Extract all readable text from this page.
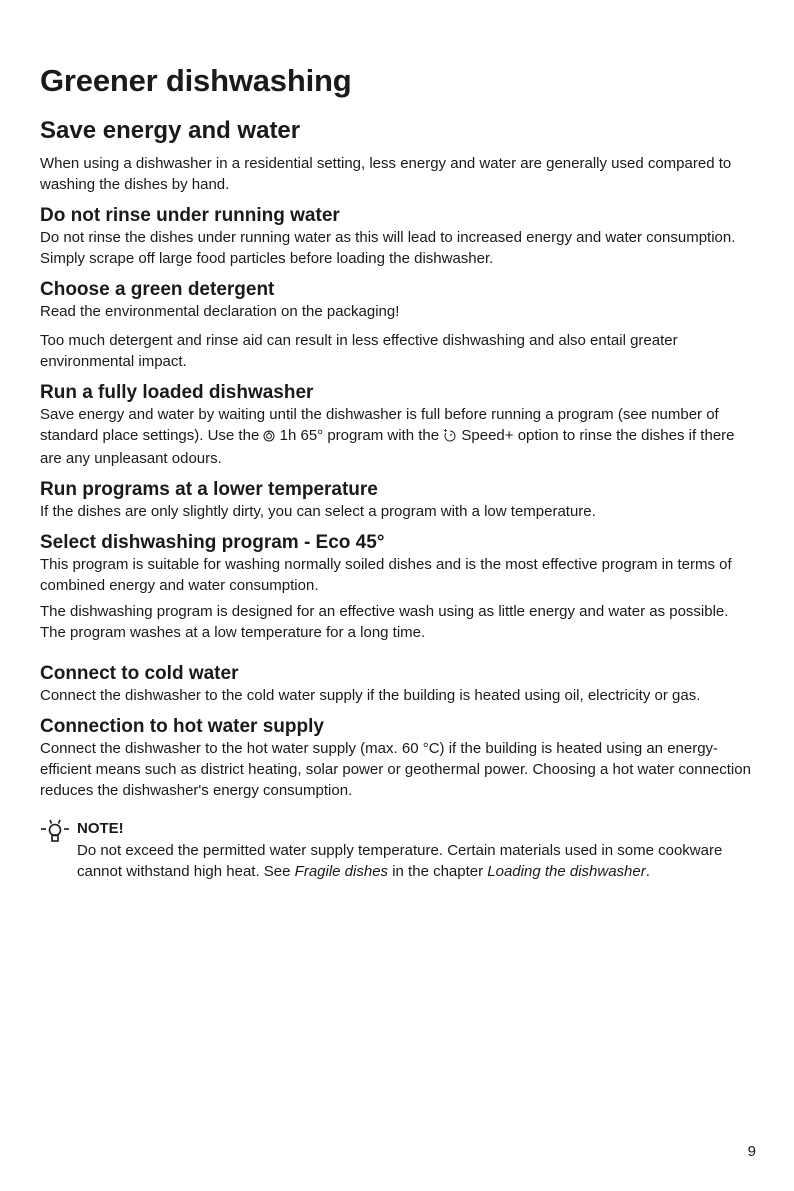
Greener dishwashing
Save energy and water

When using a dishwasher in a residential setting, less energy and water are generally used compared to washing the dishes by hand.

Do not rinse under running water

Do not rinse the dishes under running water as this will lead to increased energy and water consumption. Simply scrape off large food particles before loading the dishwasher.

Choose a green detergent

Read the environmental declaration on the packaging!

Too much detergent and rinse aid can result in less effective dishwashing and also entail greater environmental impact.

Run a fully loaded dishwasher

Save energy and water by waiting until the dishwasher is full before running a program (see number of standard place settings). Use the  1h 65° program with the  Speed+ option to rinse the dishes if there are any unpleasant odours.

Run programs at a lower temperature

If the dishes are only slightly dirty, you can select a program with a low temperature.

Select dishwashing program - Eco 45°

This program is suitable for washing normally soiled dishes and is the most effective program in terms of combined energy and water consumption.

The dishwashing program is designed for an effective wash using as little energy and water as possible. The program washes at a low temperature for a long time.

Connect to cold water

Connect the dishwasher to the cold water supply if the building is heated using oil, electricity or gas.

Connection to hot water supply

Connect the dishwasher to the hot water supply (max. 60 °C) if the building is heated using an energy-efficient means such as district heating, solar power or geothermal power. Choosing a hot water connection reduces the dishwasher's energy consumption.

NOTE!

Do not exceed the permitted water supply temperature. Certain materials used in some cookware cannot withstand high heat. See Fragile dishes in the chapter Loading the dishwasher.

9
